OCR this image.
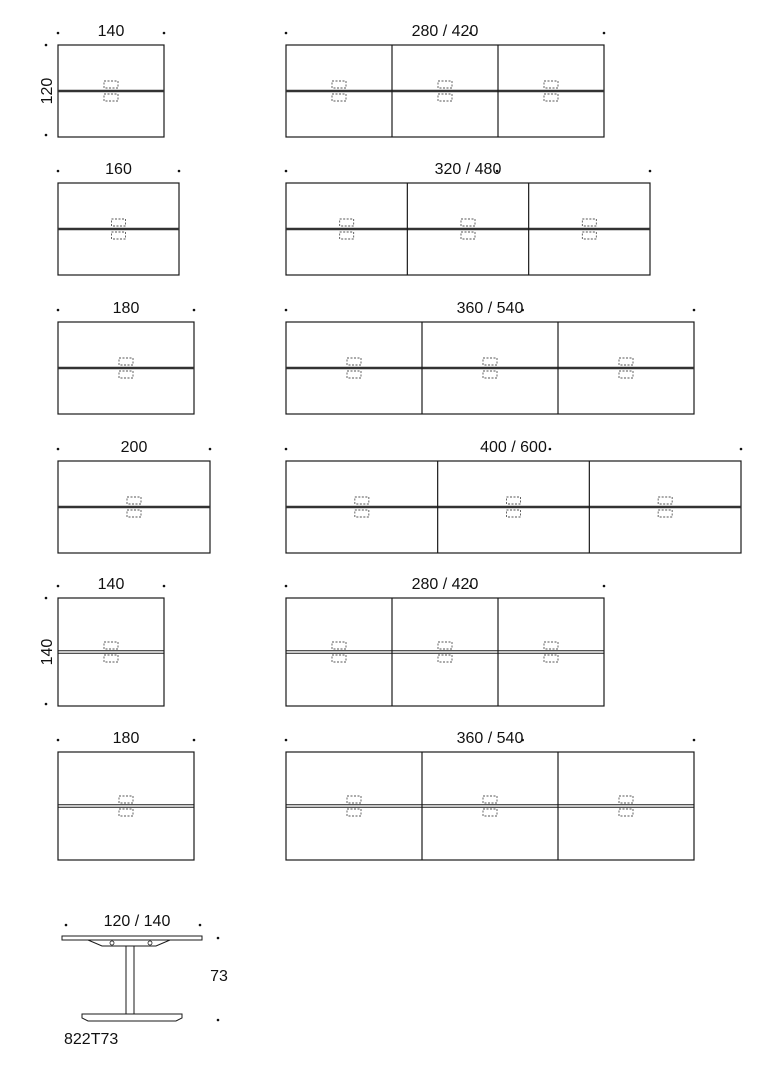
140
120
280 / 420
160	320 / 480
180	360 / 540
200	400 / 600
140
140
280 / 420
180	360 / 540
120 / 140
73
822T73
